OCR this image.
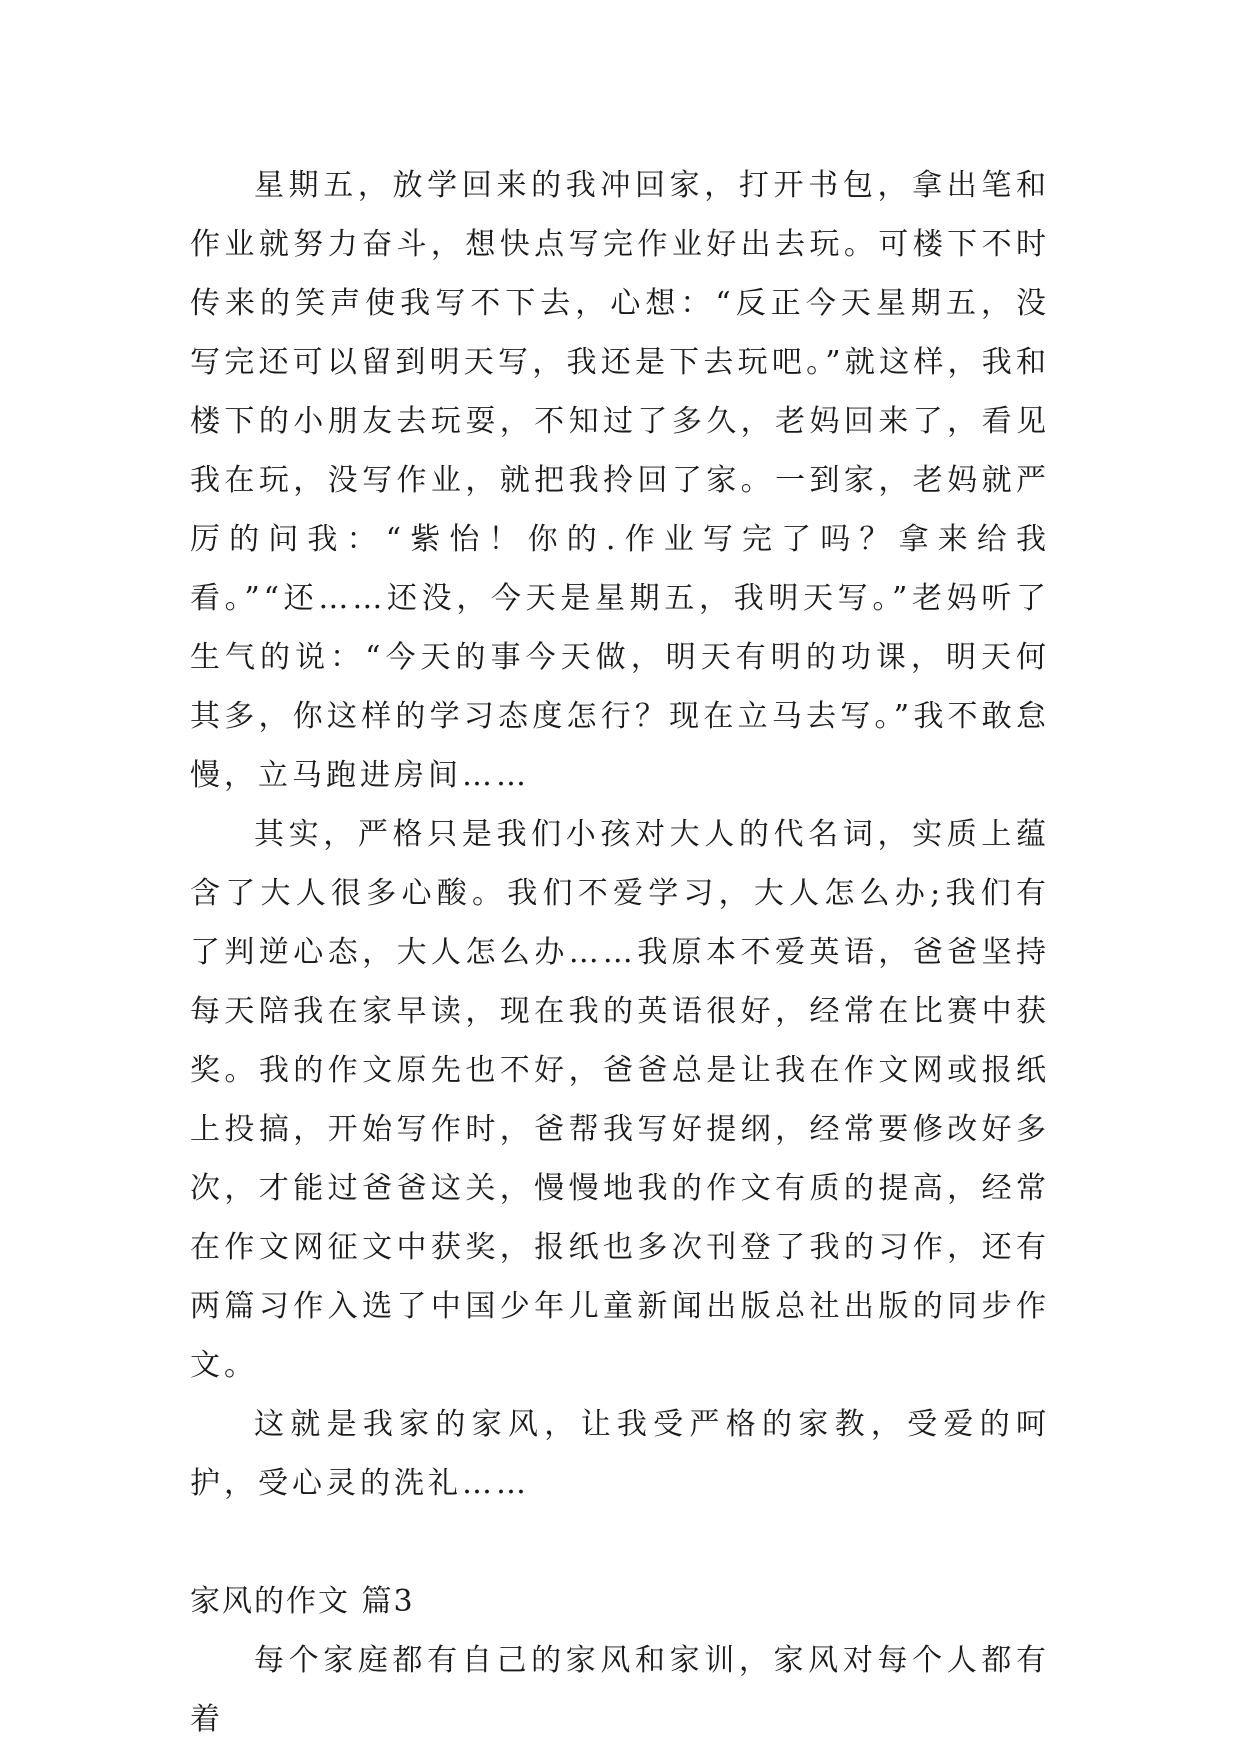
星期五，放学回来的我冲回家，打开书包，拿出笔和作业就努力奋斗，想快点写完作业好出去玩。可楼下不时传来的笑声使我写不下去，心想：“反正今天星期五，没写完还可以留到明天写，我还是下去玩吧。”就这样，我和楼下的小朋友去玩耍，不知过了多久，老妈回来了，看见我在玩，没写作业，就把我拎回了家。一到家，老妈就严厉的问我：“紫怡！你的.作业写完了吗？拿来给我看。”“还……还没，今天是星期五，我明天写。”老妈听了生气的说：“今天的事今天做，明天有明的功课，明天何其多，你这样的学习态度怎行？现在立马去写。”我不敢怠慢，立马跑进房间……

其实，严格只是我们小孩对大人的代名词，实质上蕴含了大人很多心酸。我们不爱学习，大人怎么办;我们有了判逆心态，大人怎么办……我原本不爱英语，爸爸坚持每天陪我在家早读，现在我的英语很好，经常在比赛中获奖。我的作文原先也不好，爸爸总是让我在作文网或报纸上投搞，开始写作时，爸帮我写好提纲，经常要修改好多次，才能过爸爸这关，慢慢地我的作文有质的提高，经常在作文网征文中获奖，报纸也多次刊登了我的习作，还有两篇习作入选了中国少年儿童新闻出版总社出版的同步作文。

这就是我家的家风，让我受严格的家教，受爱的呵护，受心灵的洗礼……

家风的作文 篇3

每个家庭都有自己的家风和家训，家风对每个人都有着
